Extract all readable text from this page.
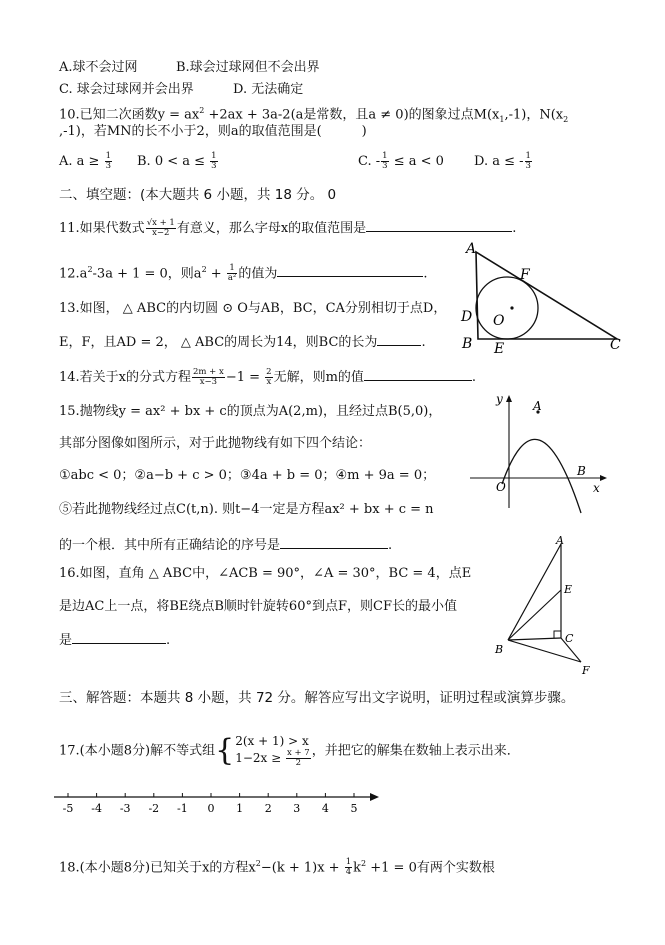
A.球不会过网	B.球会过球网但不会出界
C. 球会过球网并会出界	D. 无法确定
10.已知二次函数$y = ax^2 +2ax + 3a-2(a$是常数，且a ≠ 0)的图象过点$M(x_1,-1)$，$N(x_2$
,-1)，若MN的长不小于2，则a的取值范围是(	)
A. $a \ge \frac{1}{3} B$. $0 < a \le \frac{1}{3}$	C. - $\frac{1}{3} \le a < 0$ D. a ≤ - $\frac{1}{3}$
二、填空题：(本大题共 6 小题，共 18 分。 0
11.如果代数式 $\frac{√x + 1}{x-2}$ 有意义，那么字母x的取值范围是	.
$12.a^2-3a + 1 = 0$，则$a^2 + \frac{1}{\text{a²}}$ 的值为	.
13.如图， △ ABC的内切圆 ⊙ O与AB，BC，CA分别相切于点D，
E，F，且AD = 2， △ ABC的周长为14，则BC的长为	.
14.若关于x的分式方程 $\frac{2m + x}{x-3} -1 = \frac{2}{x}$ 无解，则m的值	.
15.抛物线y = ax² + bx + c的顶点为A(2,m)，且经过点B(5,0)，
其部分图像如图所示，对于此抛物线有如下四个结论：
①abc < 0；②a−b + c > 0；③4a + b = 0；④m + 9a = 0；
⑤若此抛物线经过点C(t,n). 则t−4一定是方程ax² + bx + c = n
的一个根．其中所有正确结论的序号是	.
16.如图，直角 △ ABC中，∠ACB = 90°，∠A = 30°，BC = 4，点E
是边AC上一点，将BE绕点B顺时针旋转60°到点F，则CF长的最小值
是	.
三、解答题：本题共 8 小题，共 72 分。解答应写出文字说明，证明过程或演算步骤。
17.(本小题8分)解不等式组{2(x + 1) > x
$1-2x \ge \frac{x + 7}{2}$ ，并把它的解集在数轴上表示出来．
-5 -4 -3 -2 -1 0 1 2 3 4 5
18.(本小题8分)已知关于x的方程$x^2-(k + 1)x + \frac{1}{4} k^2 +1 = 0$有两个实数根
A
F
D O
B E	C
y	A
O
B
x
A
E
C
B
F
